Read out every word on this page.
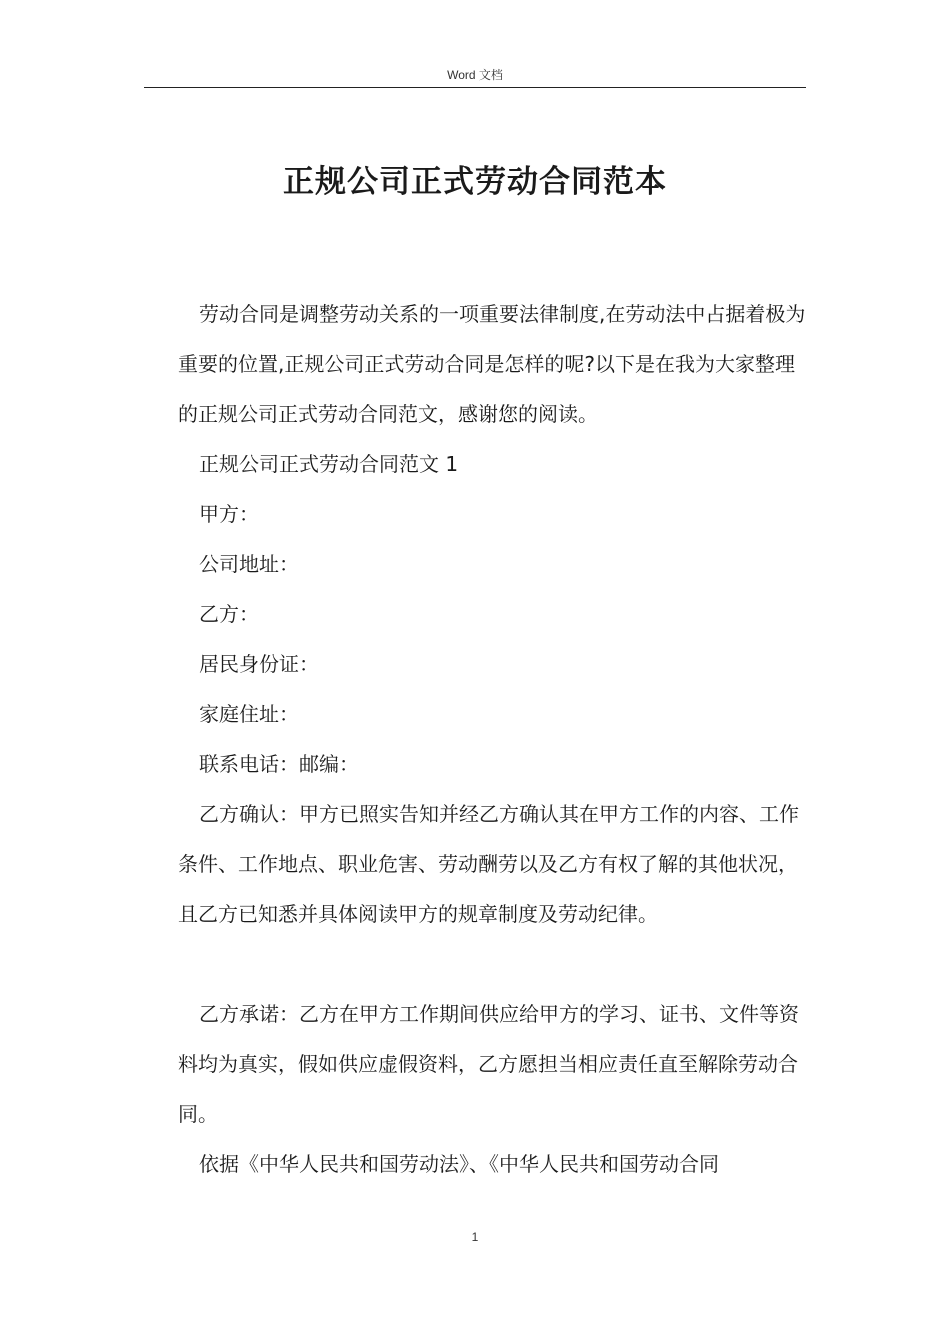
Word 文档
正规公司正式劳动合同范本

劳动合同是调整劳动关系的一项重要法律制度,在劳动法中占据着极为重要的位置,正规公司正式劳动合同是怎样的呢?以下是在我为大家整理的正规公司正式劳动合同范文，感谢您的阅读。

正规公司正式劳动合同范文 1

甲方：

公司地址：

乙方：

居民身份证：

家庭住址：

联系电话：邮编：

乙方确认：甲方已照实告知并经乙方确认其在甲方工作的内容、工作条件、工作地点、职业危害、劳动酬劳以及乙方有权了解的其他状况，且乙方已知悉并具体阅读甲方的规章制度及劳动纪律。

乙方承诺：乙方在甲方工作期间供应给甲方的学习、证书、文件等资料均为真实，假如供应虚假资料，乙方愿担当相应责任直至解除劳动合同。

依据《中华人民共和国劳动法》、《中华人民共和国劳动合同

1
